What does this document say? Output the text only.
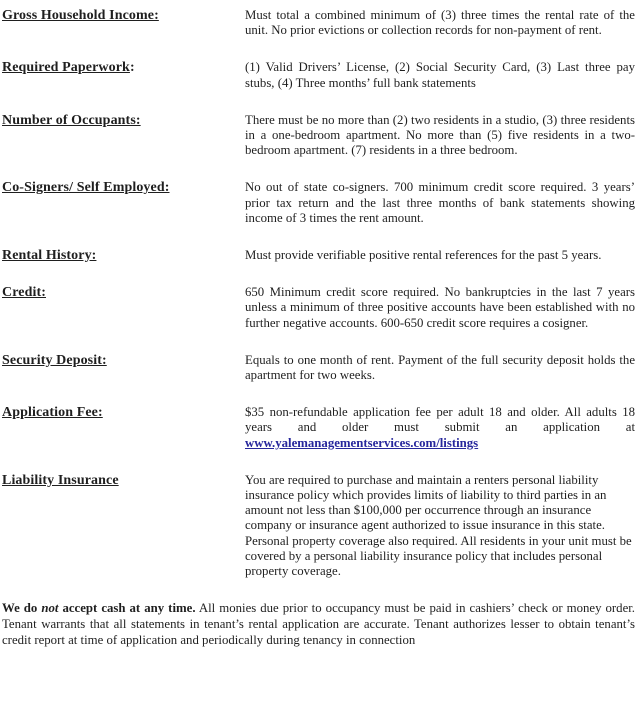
Gross Household Income:	Must total a combined minimum of (3) three times the rental rate of the unit. No prior evictions or collection records for non-payment of rent.
Required Paperwork:	(1) Valid Drivers’ License, (2) Social Security Card, (3) Last three pay stubs, (4) Three months’ full bank statements
Number of Occupants:	There must be no more than (2) two residents in a studio, (3) three residents in a one-bedroom apartment. No more than (5) five residents in a two-bedroom apartment. (7) residents in a three bedroom.
Co-Signers/ Self Employed:	No out of state co-signers. 700 minimum credit score required. 3 years’ prior tax return and the last three months of bank statements showing income of 3 times the rent amount.
Rental History:	Must provide verifiable positive rental references for the past 5 years.
Credit:	650 Minimum credit score required. No bankruptcies in the last 7 years unless a minimum of three positive accounts have been established with no further negative accounts. 600-650 credit score requires a cosigner.
Security Deposit:	Equals to one month of rent. Payment of the full security deposit holds the apartment for two weeks.
Application Fee:	$35 non-refundable application fee per adult 18 and older. All adults 18 years and older must submit an application at www.yalemanagementservices.com/listings
Liability Insurance	You are required to purchase and maintain a renters personal liability insurance policy which provides limits of liability to third parties in an amount not less than $100,000 per occurrence through an insurance company or insurance agent authorized to issue insurance in this state. Personal property coverage also required. All residents in your unit must be covered by a personal liability insurance policy that includes personal property coverage.

We do not accept cash at any time. All monies due prior to occupancy must be paid in cashiers’ check or money order. Tenant warrants that all statements in tenant’s rental application are accurate. Tenant authorizes lesser to obtain tenant’s credit report at time of application and periodically during tenancy in connection
